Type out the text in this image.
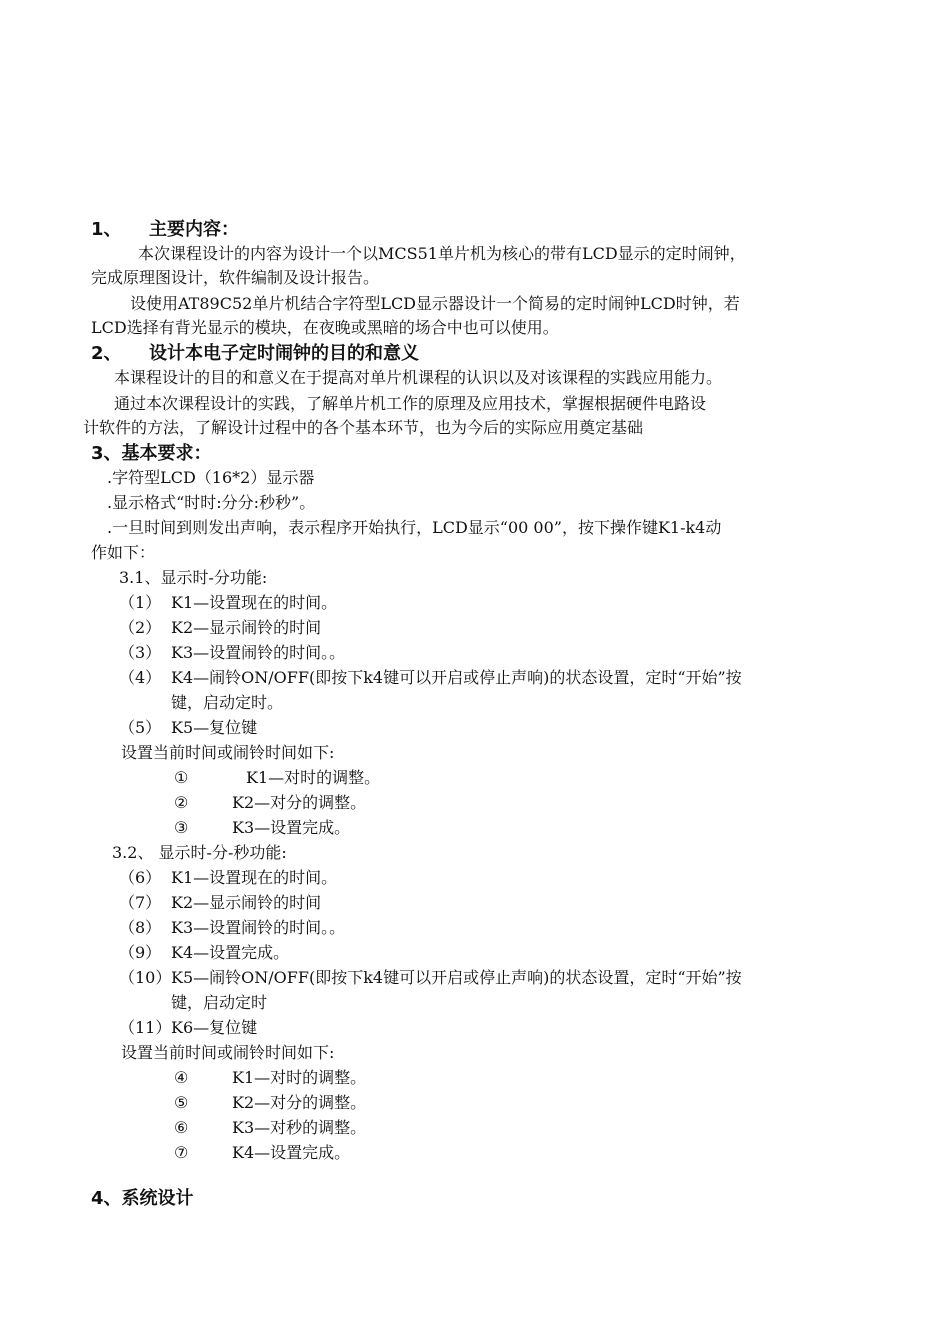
1、 主要内容：
本次课程设计的内容为设计一个以MCS51单片机为核心的带有LCD显示的定时闹钟，
完成原理图设计，软件编制及设计报告。
设使用AT89C52单片机结合字符型LCD显示器设计一个简易的定时闹钟LCD时钟，若
LCD选择有背光显示的模块，在夜晚或黑暗的场合中也可以使用。
2、 设计本电子定时闹钟的目的和意义
本课程设计的目的和意义在于提高对单片机课程的认识以及对该课程的实践应用能力。
通过本次课程设计的实践，了解单片机工作的原理及应用技术，掌握根据硬件电路设
计软件的方法，了解设计过程中的各个基本环节，也为今后的实际应用奠定基础
3、基本要求：
.字符型LCD（16*2）显示器
.显示格式“时时:分分:秒秒”。
.一旦时间到则发出声响，表示程序开始执行，LCD显示“00 00”，按下操作键K1-k4动
作如下：
3.1、显示时-分功能:
（1） K1—设置现在的时间。
（2） K2—显示闹铃的时间
（3） K3—设置闹铃的时间。。
（4） K4—闹铃ON/OFF(即按下k4键可以开启或停止声响)的状态设置，定时“开始”按
键，启动定时。
（5） K5—复位键
设置当前时间或闹铃时间如下:
①	K1—对时的调整。
②	K2—对分的调整。
③	K3—设置完成。
3.2、 显示时-分-秒功能:
（6） K1—设置现在的时间。
（7） K2—显示闹铃的时间
（8） K3—设置闹铃的时间。。
（9） K4—设置完成。
（10） K5—闹铃ON/OFF(即按下k4键可以开启或停止声响)的状态设置，定时“开始”按
键，启动定时
（11） K6—复位键
设置当前时间或闹铃时间如下:
④	K1—对时的调整。
⑤	K2—对分的调整。
⑥	K3—对秒的调整。
⑦	K4—设置完成。
4、系统设计
